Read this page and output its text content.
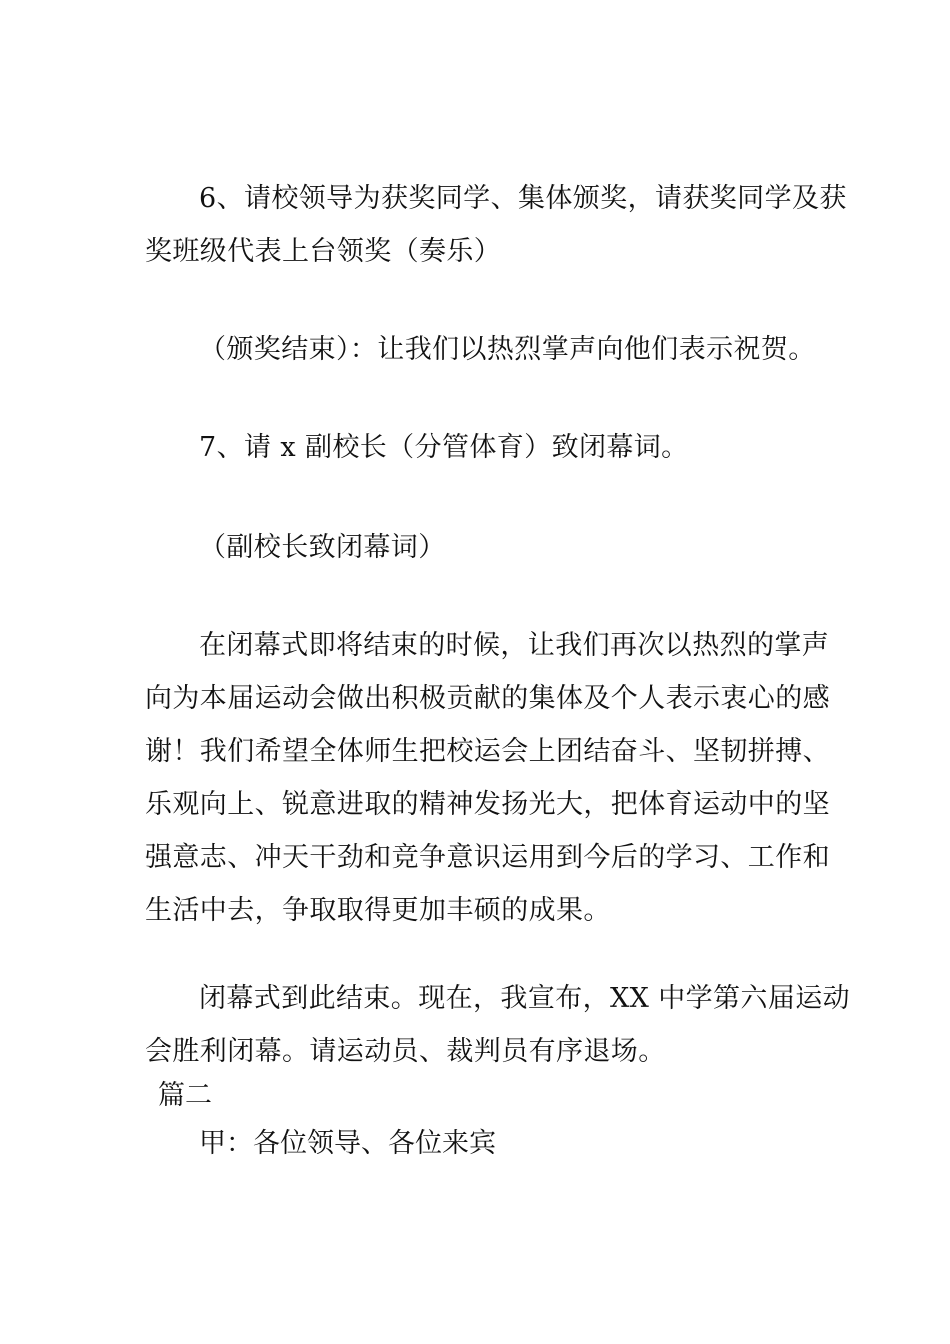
6、请校领导为获奖同学、集体颁奖，请获奖同学及获
奖班级代表上台领奖（奏乐）
（颁奖结束）：让我们以热烈掌声向他们表示祝贺。
7、请 x 副校长（分管体育）致闭幕词。
（副校长致闭幕词）
在闭幕式即将结束的时候，让我们再次以热烈的掌声
向为本届运动会做出积极贡献的集体及个人表示衷心的感
谢！我们希望全体师生把校运会上团结奋斗、坚韧拼搏、
乐观向上、锐意进取的精神发扬光大，把体育运动中的坚
强意志、冲天干劲和竞争意识运用到今后的学习、工作和
生活中去，争取取得更加丰硕的成果。
闭幕式到此结束。现在，我宣布，XX 中学第六届运动
会胜利闭幕。请运动员、裁判员有序退场。
篇二
甲：各位领导、各位来宾
